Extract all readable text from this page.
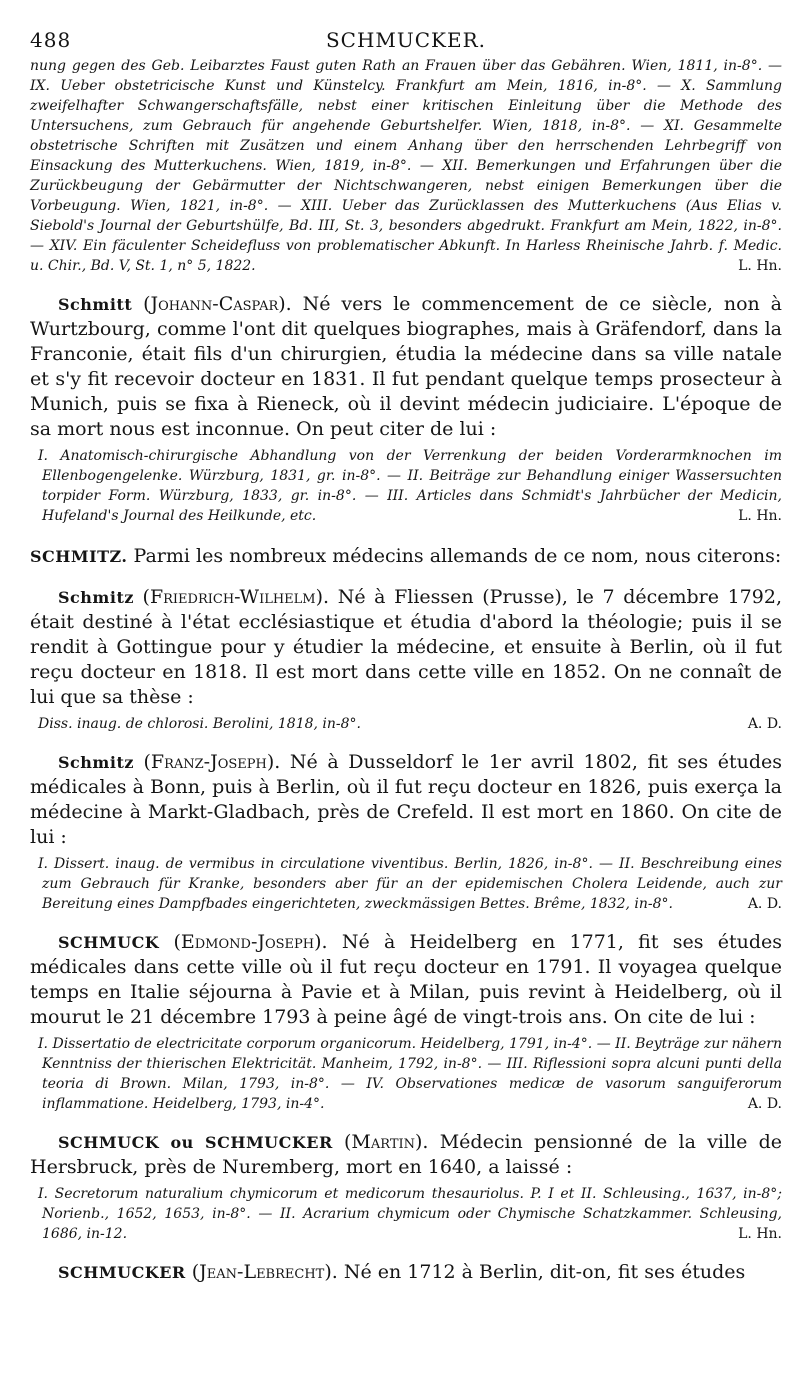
488	SCHMUCKER.

nung gegen des Geb. Leibarztes Faust guten Rath an Frauen über das Gebähren. Wien, 1811, in-8°. — IX. Ueber obstetricische Kunst und Künstelcy. Frankfurt am Mein, 1816, in-8°. — X. Sammlung zweifelhafter Schwangerschaftsfälle, nebst einer kritischen Einleitung über die Methode des Untersuchens, zum Gebrauch für angehende Geburtshelfer. Wien, 1818, in-8°. — XI. Gesammelte obstetrische Schriften mit Zusätzen und einem Anhang über den herrschenden Lehrbegriff von Einsackung des Mutterkuchens. Wien, 1819, in-8°. — XII. Bemerkungen und Erfahrungen über die Zurückbeugung der Gebärmutter der Nichtschwangeren, nebst einigen Bemerkungen über die Vorbeugung. Wien, 1821, in-8°. — XIII. Ueber das Zurücklassen des Mutterkuchens (Aus Elias v. Siebold's Journal der Geburtshülfe, Bd. III, St. 3, besonders abgedrukt. Frankfurt am Mein, 1822, in-8°. — XIV. Ein fäculenter Scheidefluss von problematischer Abkunft. In Harless Rheinische Jahrb. f. Medic. u. Chir., Bd. V, St. 1, n° 5, 1822.	L. Hn.

Schmitt (Johann-Caspar). Né vers le commencement de ce siècle, non à Wurtzbourg, comme l'ont dit quelques biographes, mais à Gräfendorf, dans la Franconie, était fils d'un chirurgien, étudia la médecine dans sa ville natale et s'y fit recevoir docteur en 1831. Il fut pendant quelque temps prosecteur à Munich, puis se fixa à Rieneck, où il devint médecin judiciaire. L'époque de sa mort nous est inconnue. On peut citer de lui :

I. Anatomisch-chirurgische Abhandlung von der Verrenkung der beiden Vorderarmknochen im Ellenbogengelenke. Würzburg, 1831, gr. in-8°. — II. Beiträge zur Behandlung einiger Wassersuchten torpider Form. Würzburg, 1833, gr. in-8°. — III. Articles dans Schmidt's Jahrbücher der Medicin, Hufeland's Journal des Heilkunde, etc.	L. Hn.

SCHMITZ. Parmi les nombreux médecins allemands de ce nom, nous citerons:

Schmitz (Friedrich-Wilhelm). Né à Fliessen (Prusse), le 7 décembre 1792, était destiné à l'état ecclésiastique et étudia d'abord la théologie; puis il se rendit à Gottingue pour y étudier la médecine, et ensuite à Berlin, où il fut reçu docteur en 1818. Il est mort dans cette ville en 1852. On ne connaît de lui que sa thèse :

Diss. inaug. de chlorosi. Berolini, 1818, in-8°.	A. D.

Schmitz (Franz-Joseph). Né à Dusseldorf le 1er avril 1802, fit ses études médicales à Bonn, puis à Berlin, où il fut reçu docteur en 1826, puis exerça la médecine à Markt-Gladbach, près de Crefeld. Il est mort en 1860. On cite de lui :

I. Dissert. inaug. de vermibus in circulatione viventibus. Berlin, 1826, in-8°. — II. Beschreibung eines zum Gebrauch für Kranke, besonders aber für an der epidemischen Cholera Leidende, auch zur Bereitung eines Dampfbades eingerichteten, zweckmässigen Bettes. Brême, 1832, in-8°.	A. D.

SCHMUCK (Edmond-Joseph). Né à Heidelberg en 1771, fit ses études médicales dans cette ville où il fut reçu docteur en 1791. Il voyagea quelque temps en Italie séjourna à Pavie et à Milan, puis revint à Heidelberg, où il mourut le 21 décembre 1793 à peine âgé de vingt-trois ans. On cite de lui :

I. Dissertatio de electricitate corporum organicorum. Heidelberg, 1791, in-4°. — II. Beyträge zur nähern Kenntniss der thierischen Elektricität. Manheim, 1792, in-8°. — III. Riflessioni sopra alcuni punti della teoria di Brown. Milan, 1793, in-8°. — IV. Observationes medicæ de vasorum sanguiferorum inflammatione. Heidelberg, 1793, in-4°.	A. D.

SCHMUCK ou SCHMUCKER (Martin). Médecin pensionné de la ville de Hersbruck, près de Nuremberg, mort en 1640, a laissé :

I. Secretorum naturalium chymicorum et medicorum thesauriolus. P. I et II. Schleusing., 1637, in-8°; Norienb., 1652, 1653, in-8°. — II. Acrarium chymicum oder Chymische Schatzkammer. Schleusing, 1686, in-12.	L. Hn.

SCHMUCKER (Jean-Lebrecht). Né en 1712 à Berlin, dit-on, fit ses études
